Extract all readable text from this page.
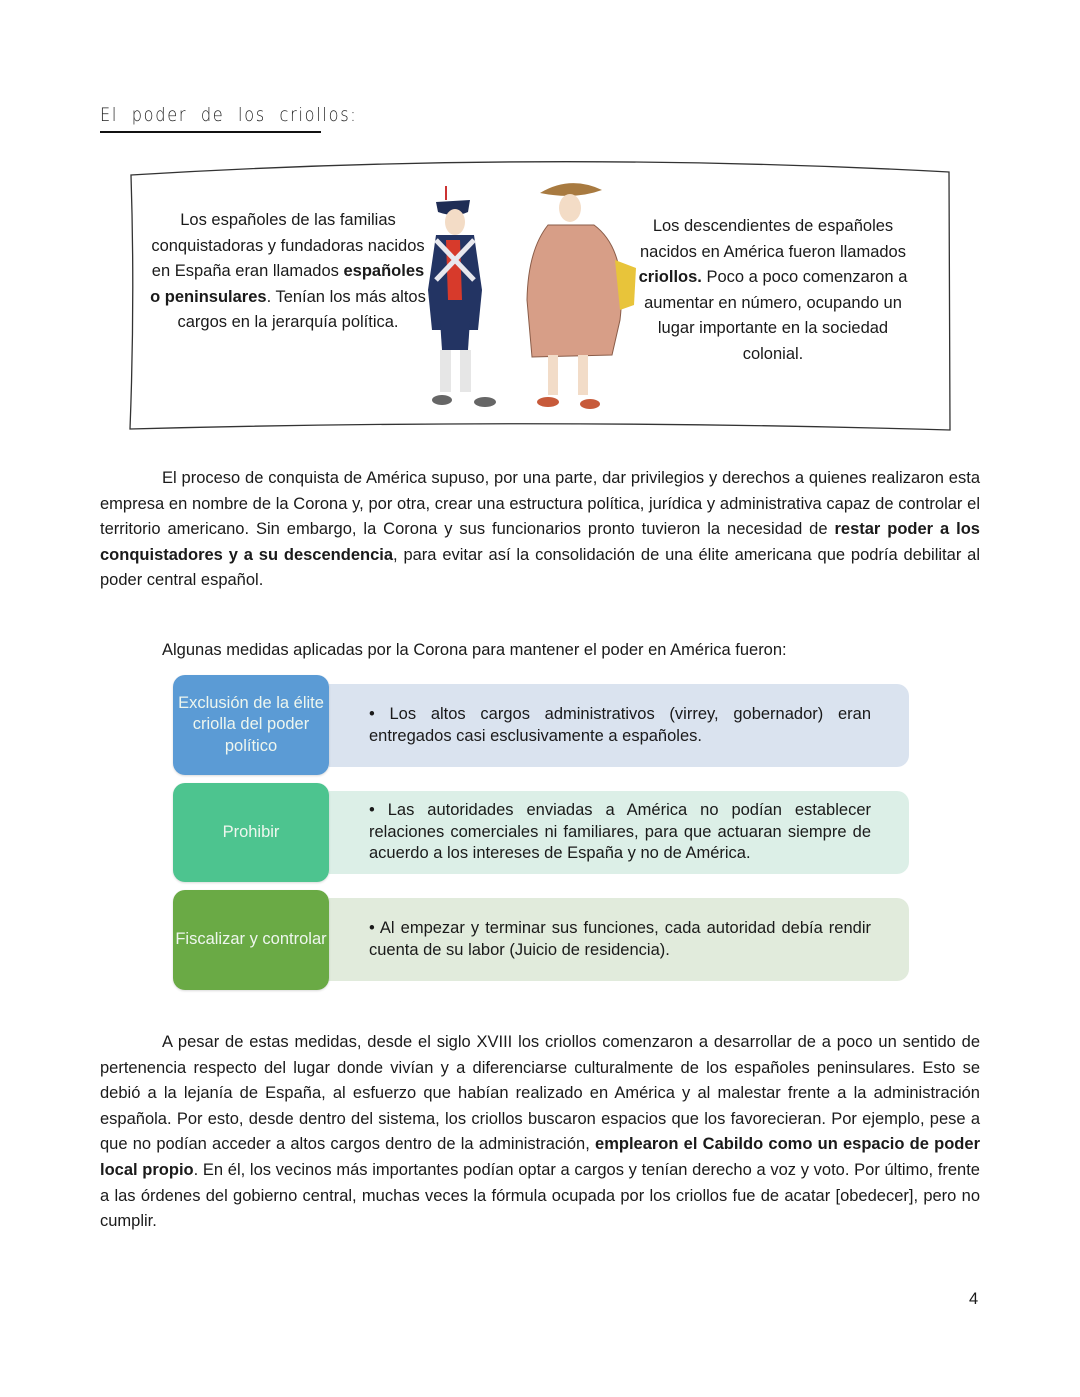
El poder de los criollos:
Los españoles de las familias conquistadoras y fundadoras nacidos en España eran llamados españoles o peninsulares. Tenían los más altos cargos en la jerarquía política.
Los descendientes de españoles nacidos en América fueron llamados criollos. Poco a poco comenzaron a aumentar en número, ocupando un lugar importante en la sociedad colonial.
El proceso de conquista de América supuso, por una parte, dar privilegios y derechos a quienes realizaron esta empresa en nombre de la Corona y, por otra, crear una estructura política, jurídica y administrativa capaz de controlar el territorio americano. Sin embargo, la Corona y sus funcionarios pronto tuvieron la necesidad de restar poder a los conquistadores y a su descendencia, para evitar así la consolidación de una élite americana que podría debilitar al poder central español.
Algunas medidas aplicadas por la Corona para mantener el poder en América fueron:
Exclusión de la élite criolla del poder político

• Los altos cargos administrativos (virrey, gobernador) eran entregados casi esclusivamente a españoles.

Prohibir

• Las autoridades enviadas a América no podían establecer relaciones comerciales ni familiares, para que actuaran siempre de acuerdo a los intereses de España y no de América.

Fiscalizar y controlar

• Al empezar y terminar sus funciones, cada autoridad debía rendir cuenta de su labor (Juicio de residencia).

A pesar de estas medidas, desde el siglo XVIII los criollos comenzaron a desarrollar de a poco un sentido de pertenencia respecto del lugar donde vivían y a diferenciarse culturalmente de los españoles peninsulares. Esto se debió a la lejanía de España, al esfuerzo que habían realizado en América y al malestar frente a la administración española. Por esto, desde dentro del sistema, los criollos buscaron espacios que los favorecieran. Por ejemplo, pese a que no podían acceder a altos cargos dentro de la administración, emplearon el Cabildo como un espacio de poder local propio. En él, los vecinos más importantes podían optar a cargos y tenían derecho a voz y voto. Por último, frente a las órdenes del gobierno central, muchas veces la fórmula ocupada por los criollos fue de acatar [obedecer], pero no cumplir.
4
